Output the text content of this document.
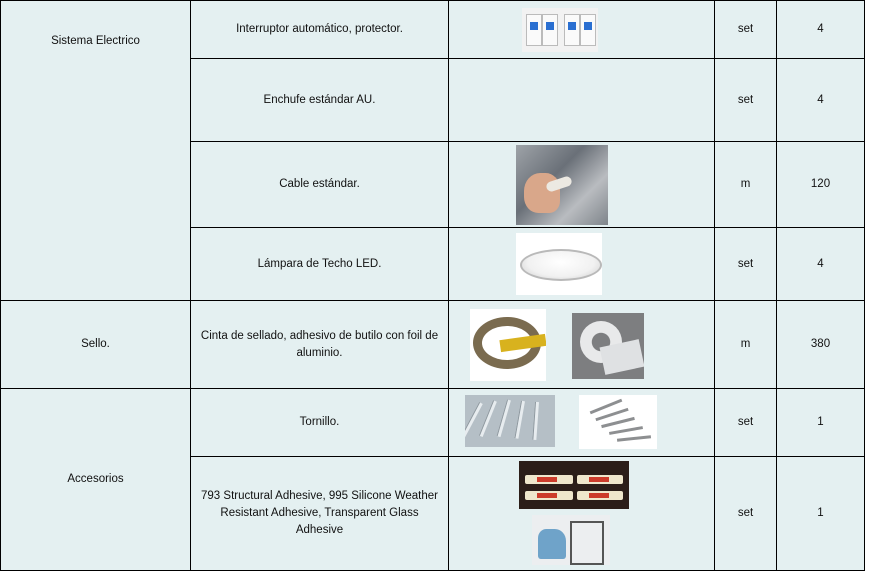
Sistema Electrico	Interruptor automático, protector.		set	4
	Enchufe estándar AU.		set	4
	Cable estándar.		m	120
	Lámpara de Techo LED.		set	4
Sello.	Cinta de sellado, adhesivo de butilo con foil de aluminio.		m	380
Accesorios	Tornillo.		set	1
	793 Structural Adhesive, 995 Silicone Weather Resistant Adhesive, Transparent Glass Adhesive		set	1
